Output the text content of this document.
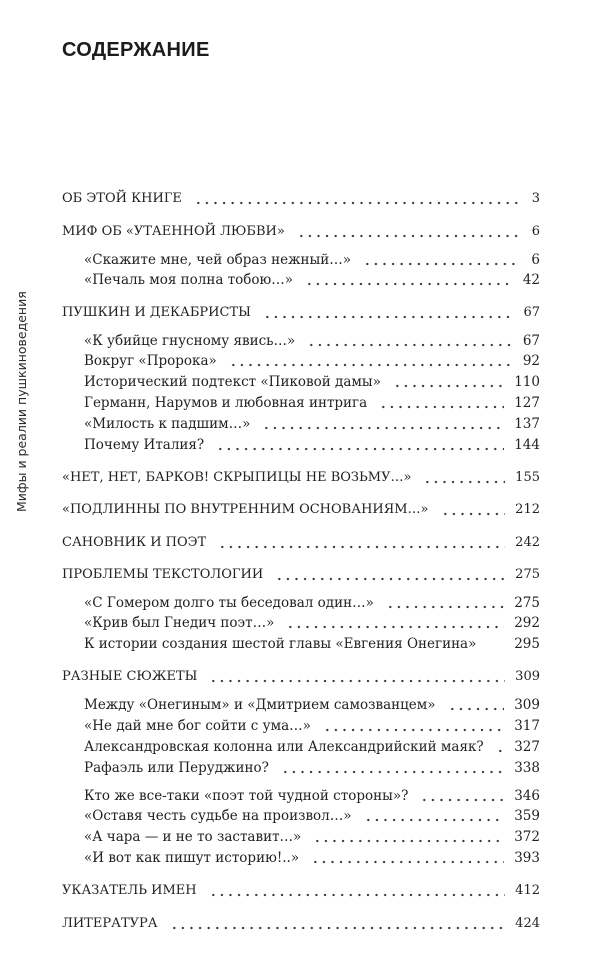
Мифы и реалии пушкиноведения
СОДЕРЖАНИЕ
ОБ ЭТОЙ КНИГЕ	3
МИФ ОБ «УТАЕННОЙ ЛЮБВИ»	6
«Скажите мне, чей образ нежный…»	6
«Печаль моя полна тобою…»	42
ПУШКИН И ДЕКАБРИСТЫ	67
«К убийце гнусному явись…»	67
Вокруг «Пророка»	92
Исторический подтекст «Пиковой дамы»	110
Германн, Нарумов и любовная интрига	127
«Милость к падшим…»	137
Почему Италия?	144
«НЕТ, НЕТ, БАРКОВ! СКРЫПИЦЫ НЕ ВОЗЬМУ…»	155
«ПОДЛИННЫ ПО ВНУТРЕННИМ ОСНОВАНИЯМ…»	212
САНОВНИК И ПОЭТ	242
ПРОБЛЕМЫ ТЕКСТОЛОГИИ	275
«С Гомером долго ты беседовал один…»	275
«Крив был Гнедич поэт…»	292
К истории создания шестой главы «Евгения Онегина»	295
РАЗНЫЕ СЮЖЕТЫ	309
Между «Онегиным» и «Дмитрием самозванцем»	309
«Не дай мне бог сойти с ума…»	317
Александровская колонна или Александрийский маяк? 327
Рафаэль или Перуджино?	338
Кто же все-таки «поэт той чудной стороны»?	346
«Оставя честь судьбе на произвол…»	359
«А чара — и не то заставит…»	372
«И вот как пишут историю!..»	393
УКАЗАТЕЛЬ ИМЕН	412
ЛИТЕРАТУРА	424
